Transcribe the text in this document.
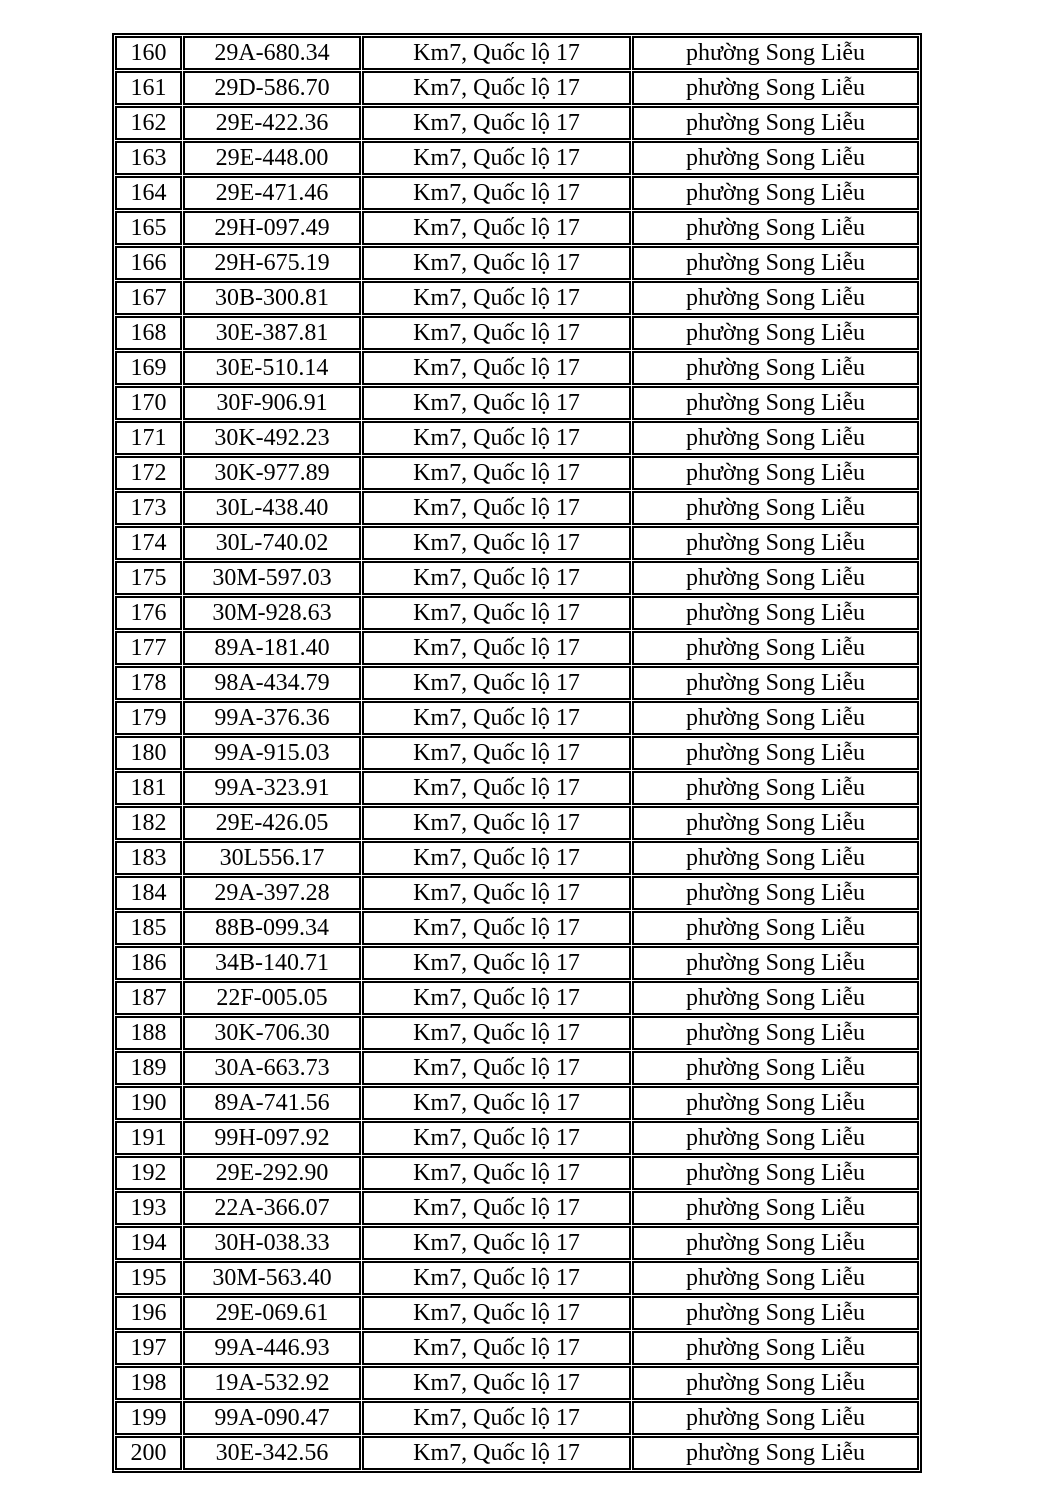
160	29A-680.34	Km7, Quốc lộ 17	phường Song Liễu
161	29D-586.70	Km7, Quốc lộ 17	phường Song Liễu
162	29E-422.36	Km7, Quốc lộ 17	phường Song Liễu
163	29E-448.00	Km7, Quốc lộ 17	phường Song Liễu
164	29E-471.46	Km7, Quốc lộ 17	phường Song Liễu
165	29H-097.49	Km7, Quốc lộ 17	phường Song Liễu
166	29H-675.19	Km7, Quốc lộ 17	phường Song Liễu
167	30B-300.81	Km7, Quốc lộ 17	phường Song Liễu
168	30E-387.81	Km7, Quốc lộ 17	phường Song Liễu
169	30E-510.14	Km7, Quốc lộ 17	phường Song Liễu
170	30F-906.91	Km7, Quốc lộ 17	phường Song Liễu
171	30K-492.23	Km7, Quốc lộ 17	phường Song Liễu
172	30K-977.89	Km7, Quốc lộ 17	phường Song Liễu
173	30L-438.40	Km7, Quốc lộ 17	phường Song Liễu
174	30L-740.02	Km7, Quốc lộ 17	phường Song Liễu
175	30M-597.03	Km7, Quốc lộ 17	phường Song Liễu
176	30M-928.63	Km7, Quốc lộ 17	phường Song Liễu
177	89A-181.40	Km7, Quốc lộ 17	phường Song Liễu
178	98A-434.79	Km7, Quốc lộ 17	phường Song Liễu
179	99A-376.36	Km7, Quốc lộ 17	phường Song Liễu
180	99A-915.03	Km7, Quốc lộ 17	phường Song Liễu
181	99A-323.91	Km7, Quốc lộ 17	phường Song Liễu
182	29E-426.05	Km7, Quốc lộ 17	phường Song Liễu
183	30L556.17	Km7, Quốc lộ 17	phường Song Liễu
184	29A-397.28	Km7, Quốc lộ 17	phường Song Liễu
185	88B-099.34	Km7, Quốc lộ 17	phường Song Liễu
186	34B-140.71	Km7, Quốc lộ 17	phường Song Liễu
187	22F-005.05	Km7, Quốc lộ 17	phường Song Liễu
188	30K-706.30	Km7, Quốc lộ 17	phường Song Liễu
189	30A-663.73	Km7, Quốc lộ 17	phường Song Liễu
190	89A-741.56	Km7, Quốc lộ 17	phường Song Liễu
191	99H-097.92	Km7, Quốc lộ 17	phường Song Liễu
192	29E-292.90	Km7, Quốc lộ 17	phường Song Liễu
193	22A-366.07	Km7, Quốc lộ 17	phường Song Liễu
194	30H-038.33	Km7, Quốc lộ 17	phường Song Liễu
195	30M-563.40	Km7, Quốc lộ 17	phường Song Liễu
196	29E-069.61	Km7, Quốc lộ 17	phường Song Liễu
197	99A-446.93	Km7, Quốc lộ 17	phường Song Liễu
198	19A-532.92	Km7, Quốc lộ 17	phường Song Liễu
199	99A-090.47	Km7, Quốc lộ 17	phường Song Liễu
200	30E-342.56	Km7, Quốc lộ 17	phường Song Liễu
